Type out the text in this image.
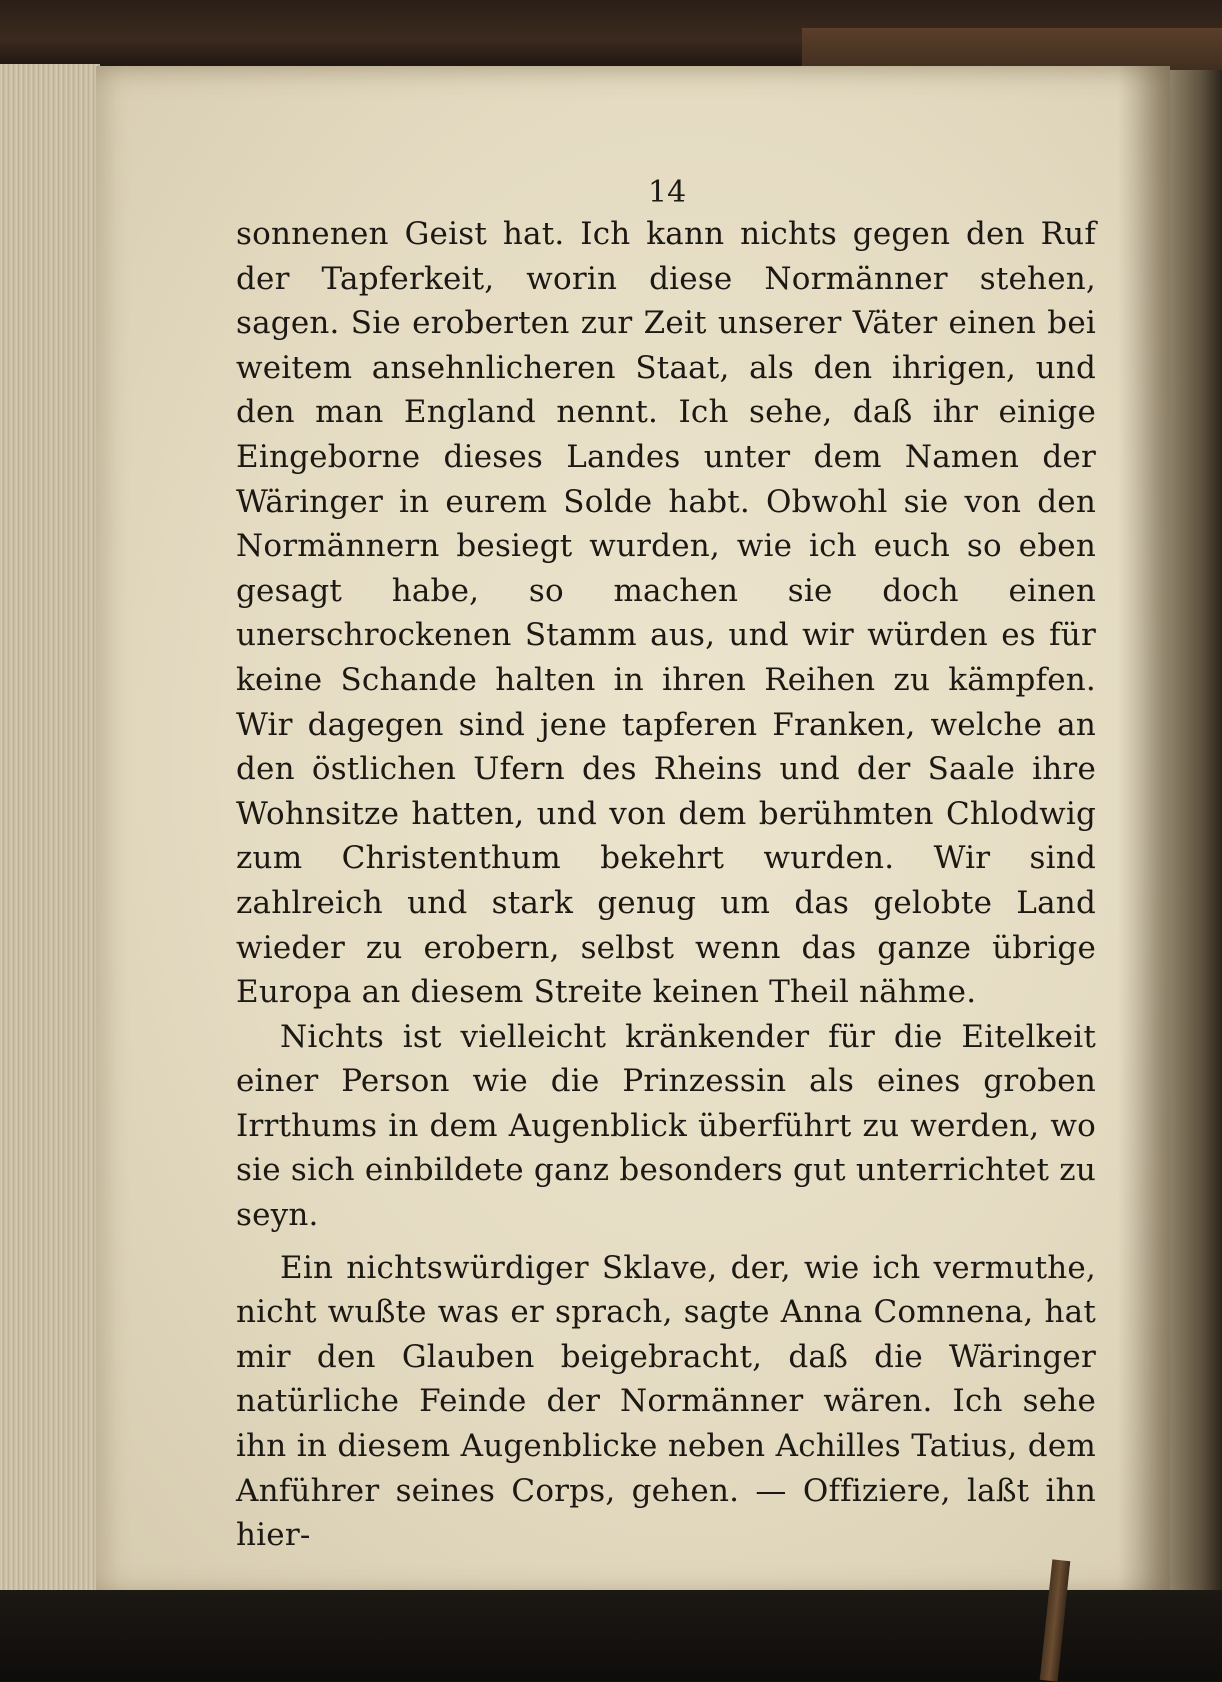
14

sonnenen Geist hat. Ich kann nichts gegen den Ruf der Tapferkeit, worin diese Normänner stehen, sagen. Sie eroberten zur Zeit unserer Väter einen bei weitem ansehnlicheren Staat, als den ihrigen, und den man England nennt. Ich sehe, daß ihr einige Eingeborne dieses Landes unter dem Namen der Wäringer in eurem Solde habt. Obwohl sie von den Normännern besiegt wurden, wie ich euch so eben gesagt habe, so machen sie doch einen unerschrockenen Stamm aus, und wir würden es für keine Schande halten in ihren Reihen zu kämpfen. Wir dagegen sind jene tapferen Franken, welche an den östlichen Ufern des Rheins und der Saale ihre Wohnsitze hatten, und von dem berühmten Chlodwig zum Christenthum bekehrt wurden. Wir sind zahlreich und stark genug um das gelobte Land wieder zu erobern, selbst wenn das ganze übrige Europa an diesem Streite keinen Theil nähme.

Nichts ist vielleicht kränkender für die Eitelkeit einer Person wie die Prinzessin als eines groben Irrthums in dem Augenblick überführt zu werden, wo sie sich einbildete ganz besonders gut unterrichtet zu seyn.

Ein nichtswürdiger Sklave, der, wie ich vermuthe, nicht wußte was er sprach, sagte Anna Comnena, hat mir den Glauben beigebracht, daß die Wäringer natürliche Feinde der Normänner wären. Ich sehe ihn in diesem Augenblicke neben Achilles Tatius, dem Anführer seines Corps, gehen. — Offiziere, laßt ihn hier-
